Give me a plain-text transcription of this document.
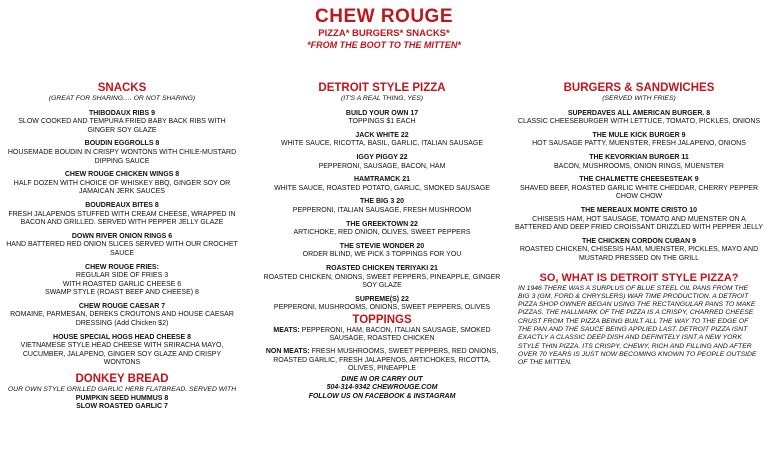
CHEW ROUGE
PIZZA* BURGERS* SNACKS*
*FROM THE BOOT TO THE MITTEN*
SNACKS
(GREAT FOR SHARING…. OR NOT SHARING)
THIBODAUX RIBS 9
SLOW COOKED AND TEMPURA FRIED BABY BACK RIBS WITH GINGER SOY GLAZE
BOUDIN EGGROLLS 8
HOUSEMADE BOUDIN IN CRISPY WONTONS WITH CHILE-MUSTARD DIPPING SAUCE
CHEW ROUGE CHICKEN WINGS 8
HALF DOZEN WITH CHOICE OF WHISKEY BBQ, GINGER SOY OR JAMAICAN JERK SAUCES
BOUDREAUX BITES 8
FRESH JALAPENOS STUFFED WITH CREAM CHEESE, WRAPPED IN BACON AND GRILLED. SERVED WITH PEPPER JELLY GLAZE
DOWN RIVER ONION RINGS 6
HAND BATTERED RED ONION SLICES SERVED WITH OUR CROCHET SAUCE
CHEW ROUGE FRIES:
REGULAR SIDE OF FRIES 3
WITH ROASTED GARLIC CHEESE 6
SWAMP STYLE (ROAST BEEF AND CHEESE) 8
CHEW ROUGE CAESAR 7
ROMAINE, PARMESAN, DEREKS CROUTONS AND HOUSE CAESAR DRESSING (Add Chicken $2)
HOUSE SPECIAL HOGS HEAD CHEESE 8
VIETNAMESE STYLE HEAD CHEESE WITH SRIRACHA MAYO, CUCUMBER, JALAPENO, GINGER SOY GLAZE AND CRISPY WONTONS
DONKEY BREAD
OUR OWN STYLE GRILLED GARLIC HERB FLATBREAD. SERVED WITH
PUMPKIN SEED HUMMUS 8
SLOW ROASTED GARLIC 7
DETROIT STYLE PIZZA
(IT'S A REAL THING, YES)
BUILD YOUR OWN 17
TOPPINGS $1 EACH
JACK WHITE 22
WHITE SAUCE, RICOTTA, BASIL, GARLIC, ITALIAN SAUSAGE
IGGY PIGGY 22
PEPPERONI, SAUSAGE, BACON, HAM
HAMTRAMCK 21
WHITE SAUCE, ROASTED POTATO, GARLIC, SMOKED SAUSAGE
THE BIG 3 20
PEPPERONI, ITALIAN SAUSAGE, FRESH MUSHROOM
THE GREEKTOWN 22
ARTICHOKE, RED ONION, OLIVES, SWEET PEPPERS
THE STEVIE WONDER 20
ORDER BLIND, WE PICK 3 TOPPINGS FOR YOU
ROASTED CHICKEN TERIYAKI 21
ROASTED CHICKEN, ONIONS, SWEET PEPPERS, PINEAPPLE, GINGER SOY GLAZE
SUPREME(S) 22
PEPPERONI, MUSHROOMS, ONIONS, SWEET PEPPERS, OLIVES
TOPPINGS
MEATS: PEPPERONI, HAM, BACON, ITALIAN SAUSAGE, SMOKED SAUSAGE, ROASTED CHICKEN
NON MEATS: FRESH MUSHROOMS, SWEET PEPPERS, RED ONIONS, ROASTED GARLIC, FRESH JALAPENOS, ARTICHOKES, RICOTTA, OLIVES, PINEAPPLE
DINE IN OR CARRY OUT
504-314-9342 CHEWROUGE.COM
FOLLOW US ON FACEBOOK & INSTAGRAM
BURGERS & SANDWICHES
(SERVED WITH FRIES)
SUPERDAVES ALL AMERICAN BURGER. 8
CLASSIC CHEESEBURGER WITH LETTUCE, TOMATO, PICKLES, ONIONS
THE MULE KICK BURGER 9
HOT SAUSAGE PATTY, MUENSTER, FRESH JALAPENO, ONIONS
THE KEVORKIAN BURGER 11
BACON, MUSHROOMS, ONION RINGS, MUENSTER
THE CHALMETTE CHEESESTEAK 9
SHAVED BEEF, ROASTED GARLIC WHITE CHEDDAR, CHERRY PEPPER CHOW CHOW
THE MEREAUX MONTE CRISTO 10
CHISESIS HAM, HOT SAUSAGE, TOMATO AND MUENSTER ON A BATTERED AND DEEP FRIED CROISSANT DRIZZLED WITH PEPPER JELLY
THE CHICKEN CORDON CUBAN 9
ROASTED CHICKEN, CHISESIS HAM, MUENSTER, PICKLES, MAYO AND MUSTARD PRESSED ON THE GRILL
SO, WHAT IS DETROIT STYLE PIZZA?
IN 1946 THERE WAS A SURPLUS OF BLUE STEEL OIL PANS FROM THE BIG 3 (GM, FORD & CHRYSLERS) WAR TIME PRODUCTION. A DETROIT PIZZA SHOP OWNER BEGAN USING THE RECTANGULAR PANS TO MAKE PIZZAS. THE HALLMARK OF THE PIZZA IS A CRISPY, CHARRED CHEESE CRUST FROM THE PIZZA BEING BUILT ALL THE WAY TO THE EDGE OF THE PAN AND THE SAUCE BEING APPLIED LAST. DETROIT PIZZA ISNT EXACTLY A CLASSIC DEEP DISH AND DEFINITELY ISNT A NEW YORK STYLE THIN PIZZA. ITS CRISPY, CHEWY, RICH AND FILLING AND AFTER OVER 70 YEARS IS JUST NOW BECOMING KNOWN TO PEOPLE OUTSIDE OF THE MITTEN.
